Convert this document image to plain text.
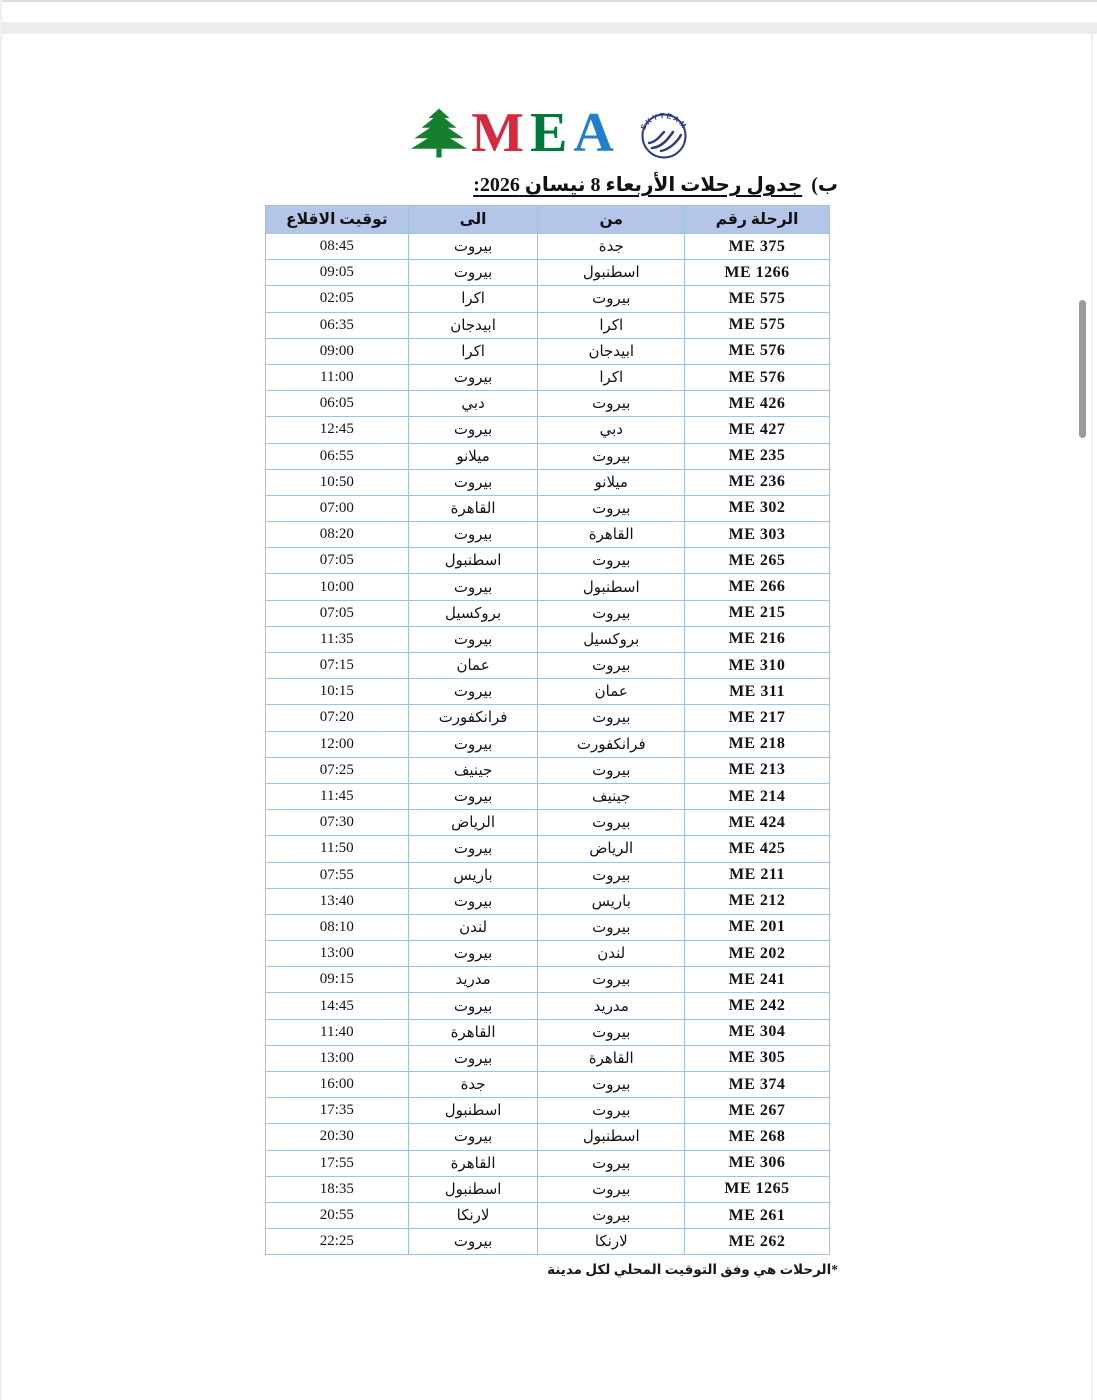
M E A SKYTEAM
ب) جدول رحلات الأربعاء 8 نيسان 2026:
الرحلة رقم	من	الى	توقيت الاقلاع
ME 375	جدة	بيروت	08:45
ME 1266	اسطنبول	بيروت	09:05
ME 575	بيروت	اكرا	02:05
ME 575	اكرا	ابيدجان	06:35
ME 576	ابيدجان	اكرا	09:00
ME 576	اكرا	بيروت	11:00
ME 426	بيروت	دبي	06:05
ME 427	دبي	بيروت	12:45
ME 235	بيروت	ميلانو	06:55
ME 236	ميلانو	بيروت	10:50
ME 302	بيروت	القاهرة	07:00
ME 303	القاهرة	بيروت	08:20
ME 265	بيروت	اسطنبول	07:05
ME 266	اسطنبول	بيروت	10:00
ME 215	بيروت	بروكسيل	07:05
ME 216	بروكسيل	بيروت	11:35
ME 310	بيروت	عمان	07:15
ME 311	عمان	بيروت	10:15
ME 217	بيروت	فرانكفورت	07:20
ME 218	فرانكفورت	بيروت	12:00
ME 213	بيروت	جينيف	07:25
ME 214	جينيف	بيروت	11:45
ME 424	بيروت	الرياض	07:30
ME 425	الرياض	بيروت	11:50
ME 211	بيروت	باريس	07:55
ME 212	باريس	بيروت	13:40
ME 201	بيروت	لندن	08:10
ME 202	لندن	بيروت	13:00
ME 241	بيروت	مدريد	09:15
ME 242	مدريد	بيروت	14:45
ME 304	بيروت	القاهرة	11:40
ME 305	القاهرة	بيروت	13:00
ME 374	بيروت	جدة	16:00
ME 267	بيروت	اسطنبول	17:35
ME 268	اسطنبول	بيروت	20:30
ME 306	بيروت	القاهرة	17:55
ME 1265	بيروت	اسطنبول	18:35
ME 261	بيروت	لارنكا	20:55
ME 262	لارنكا	بيروت	22:25
*الرحلات هي وفق التوقيت المحلي لكل مدينة
